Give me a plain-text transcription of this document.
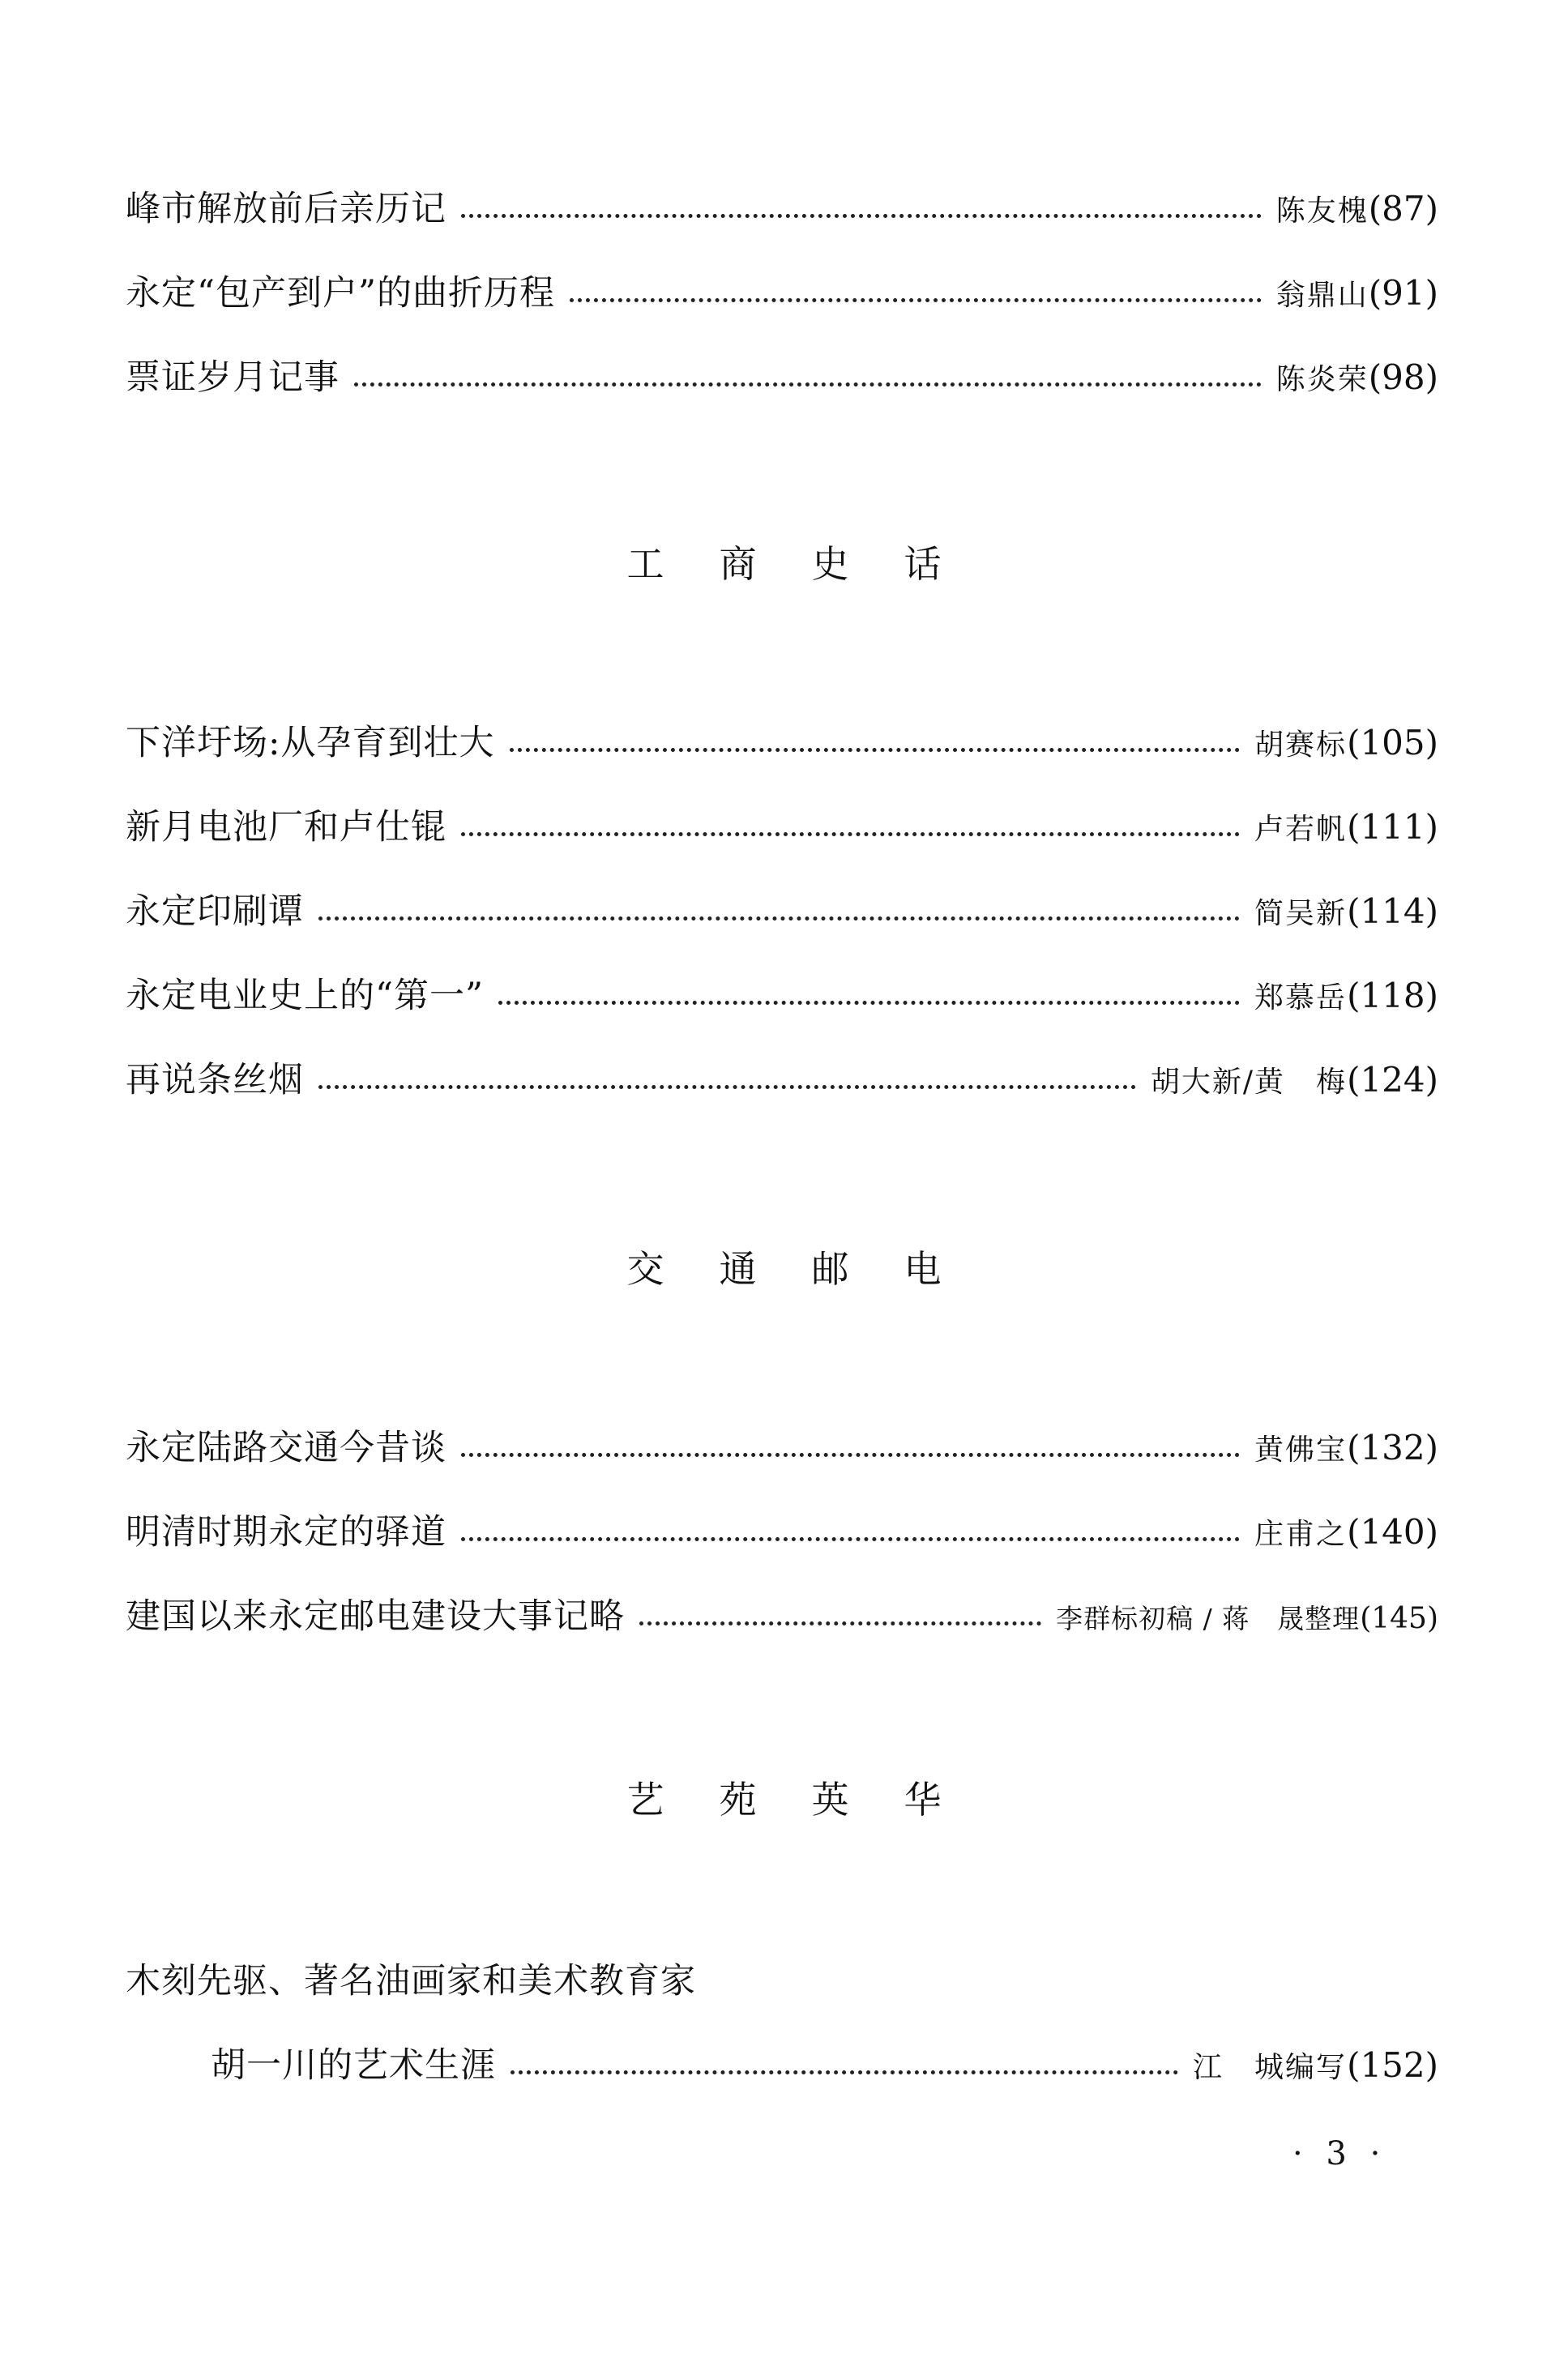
峰市解放前后亲历记	陈友槐 (87)
永定“包产到户”的曲折历程	翁鼎山 (91)
票证岁月记事	陈炎荣 (98)
工商史话
下洋圩场:从孕育到壮大	胡赛标 (105)
新月电池厂和卢仕锟	卢若帆 (111)
永定印刷谭	简吴新 (114)
永定电业史上的“第一”	郑慕岳 (118)
再说条丝烟	胡大新/黄　梅 (124)
交通邮电
永定陆路交通今昔谈	黄佛宝 (132)
明清时期永定的驿道	庄甫之 (140)
建国以来永定邮电建设大事记略	李群标初稿 / 蒋　晟整理 (145)
艺苑英华
木刻先驱、著名油画家和美术教育家
胡一川的艺术生涯	江　城编写 (152)
· 3 ·
